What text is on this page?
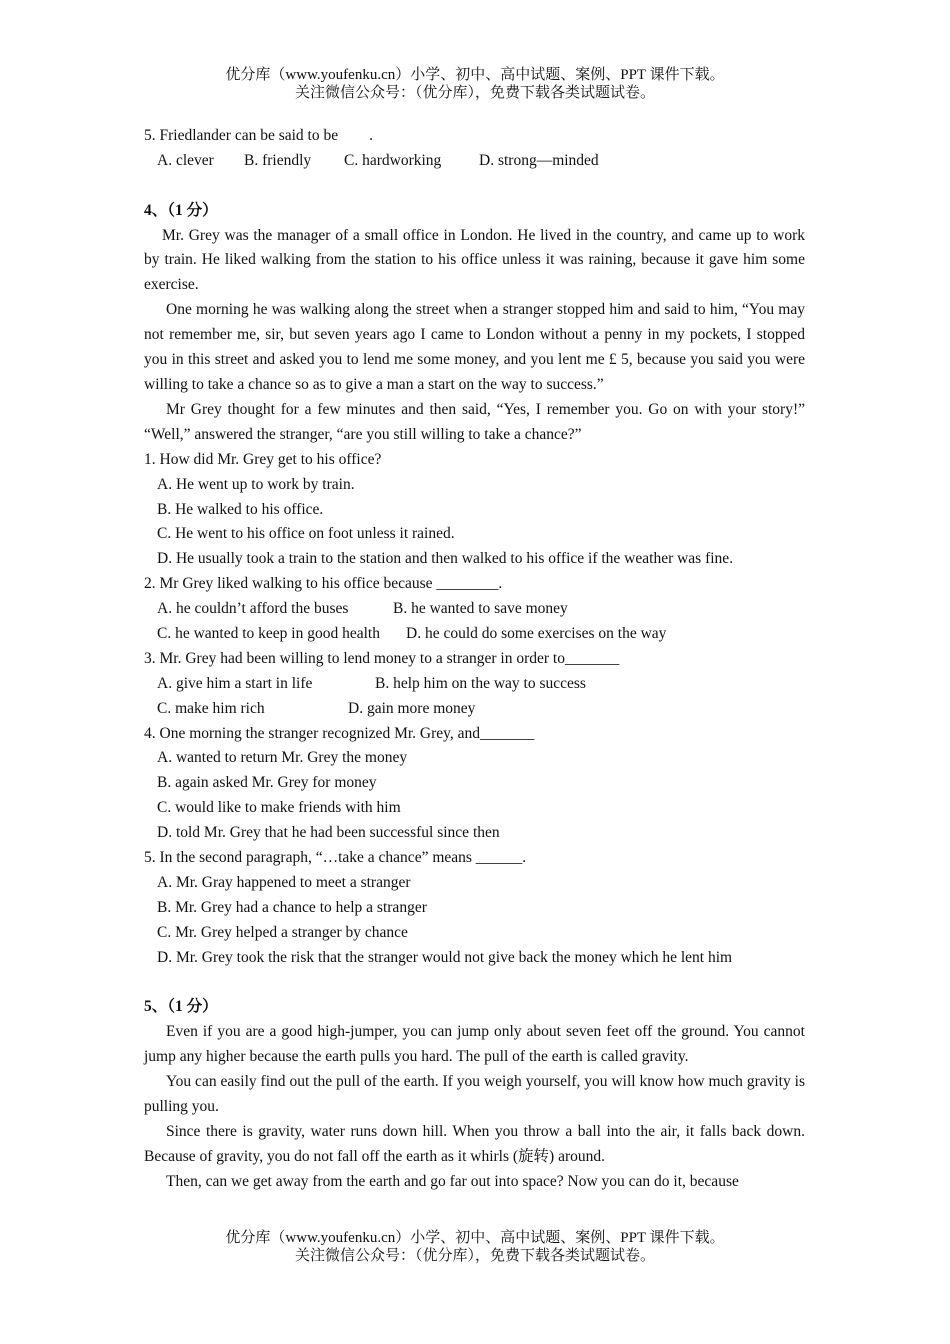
优分库（www.youfenku.cn）小学、初中、高中试题、案例、PPT 课件下载。
关注微信公众号：（优分库），免费下载各类试题试卷。
5. Friedlander can be said to be        .
A. clever B. friendly C. hardworking D. strong—minded
4、（1 分）
Mr. Grey was the manager of a small office in London. He lived in the country, and came up to work by train. He liked walking from the station to his office unless it was raining, because it gave him some exercise.
One morning he was walking along the street when a stranger stopped him and said to him, “You may not remember me, sir, but seven years ago I came to London without a penny in my pockets, I stopped you in this street and asked you to lend me some money, and you lent me £ 5, because you said you were willing to take a chance so as to give a man a start on the way to success.”
Mr Grey thought for a few minutes and then said, “Yes, I remember you. Go on with your story!” “Well,” answered the stranger, “are you still willing to take a chance?”
1. How did Mr. Grey get to his office?
A. He went up to work by train.
B. He walked to his office.
C. He went to his office on foot unless it rained.
D. He usually took a train to the station and then walked to his office if the weather was fine.
2. Mr Grey liked walking to his office because ________.
A. he couldn’t afford the buses	B. he wanted to save money
C. he wanted to keep in good health D. he could do some exercises on the way
3. Mr. Grey had been willing to lend money to a stranger in order to_______
A. give him a start in life	B. help him on the way to success
C. make him rich	D. gain more money
4. One morning the stranger recognized Mr. Grey, and_______
A. wanted to return Mr. Grey the money
B. again asked Mr. Grey for money
C. would like to make friends with him
D. told Mr. Grey that he had been successful since then
5. In the second paragraph, “…take a chance” means ______.
A. Mr. Gray happened to meet a stranger
B. Mr. Grey had a chance to help a stranger
C. Mr. Grey helped a stranger by chance
D. Mr. Grey took the risk that the stranger would not give back the money which he lent him
5、（1 分）
Even if you are a good high-jumper, you can jump only about seven feet off the ground. You cannot jump any higher because the earth pulls you hard. The pull of the earth is called gravity.
You can easily find out the pull of the earth. If you weigh yourself, you will know how much gravity is pulling you.
Since there is gravity, water runs down hill. When you throw a ball into the air, it falls back down. Because of gravity, you do not fall off the earth as it whirls (旋转) around.
Then, can we get away from the earth and go far out into space? Now you can do it, because
优分库（www.youfenku.cn）小学、初中、高中试题、案例、PPT 课件下载。
关注微信公众号：（优分库），免费下载各类试题试卷。
